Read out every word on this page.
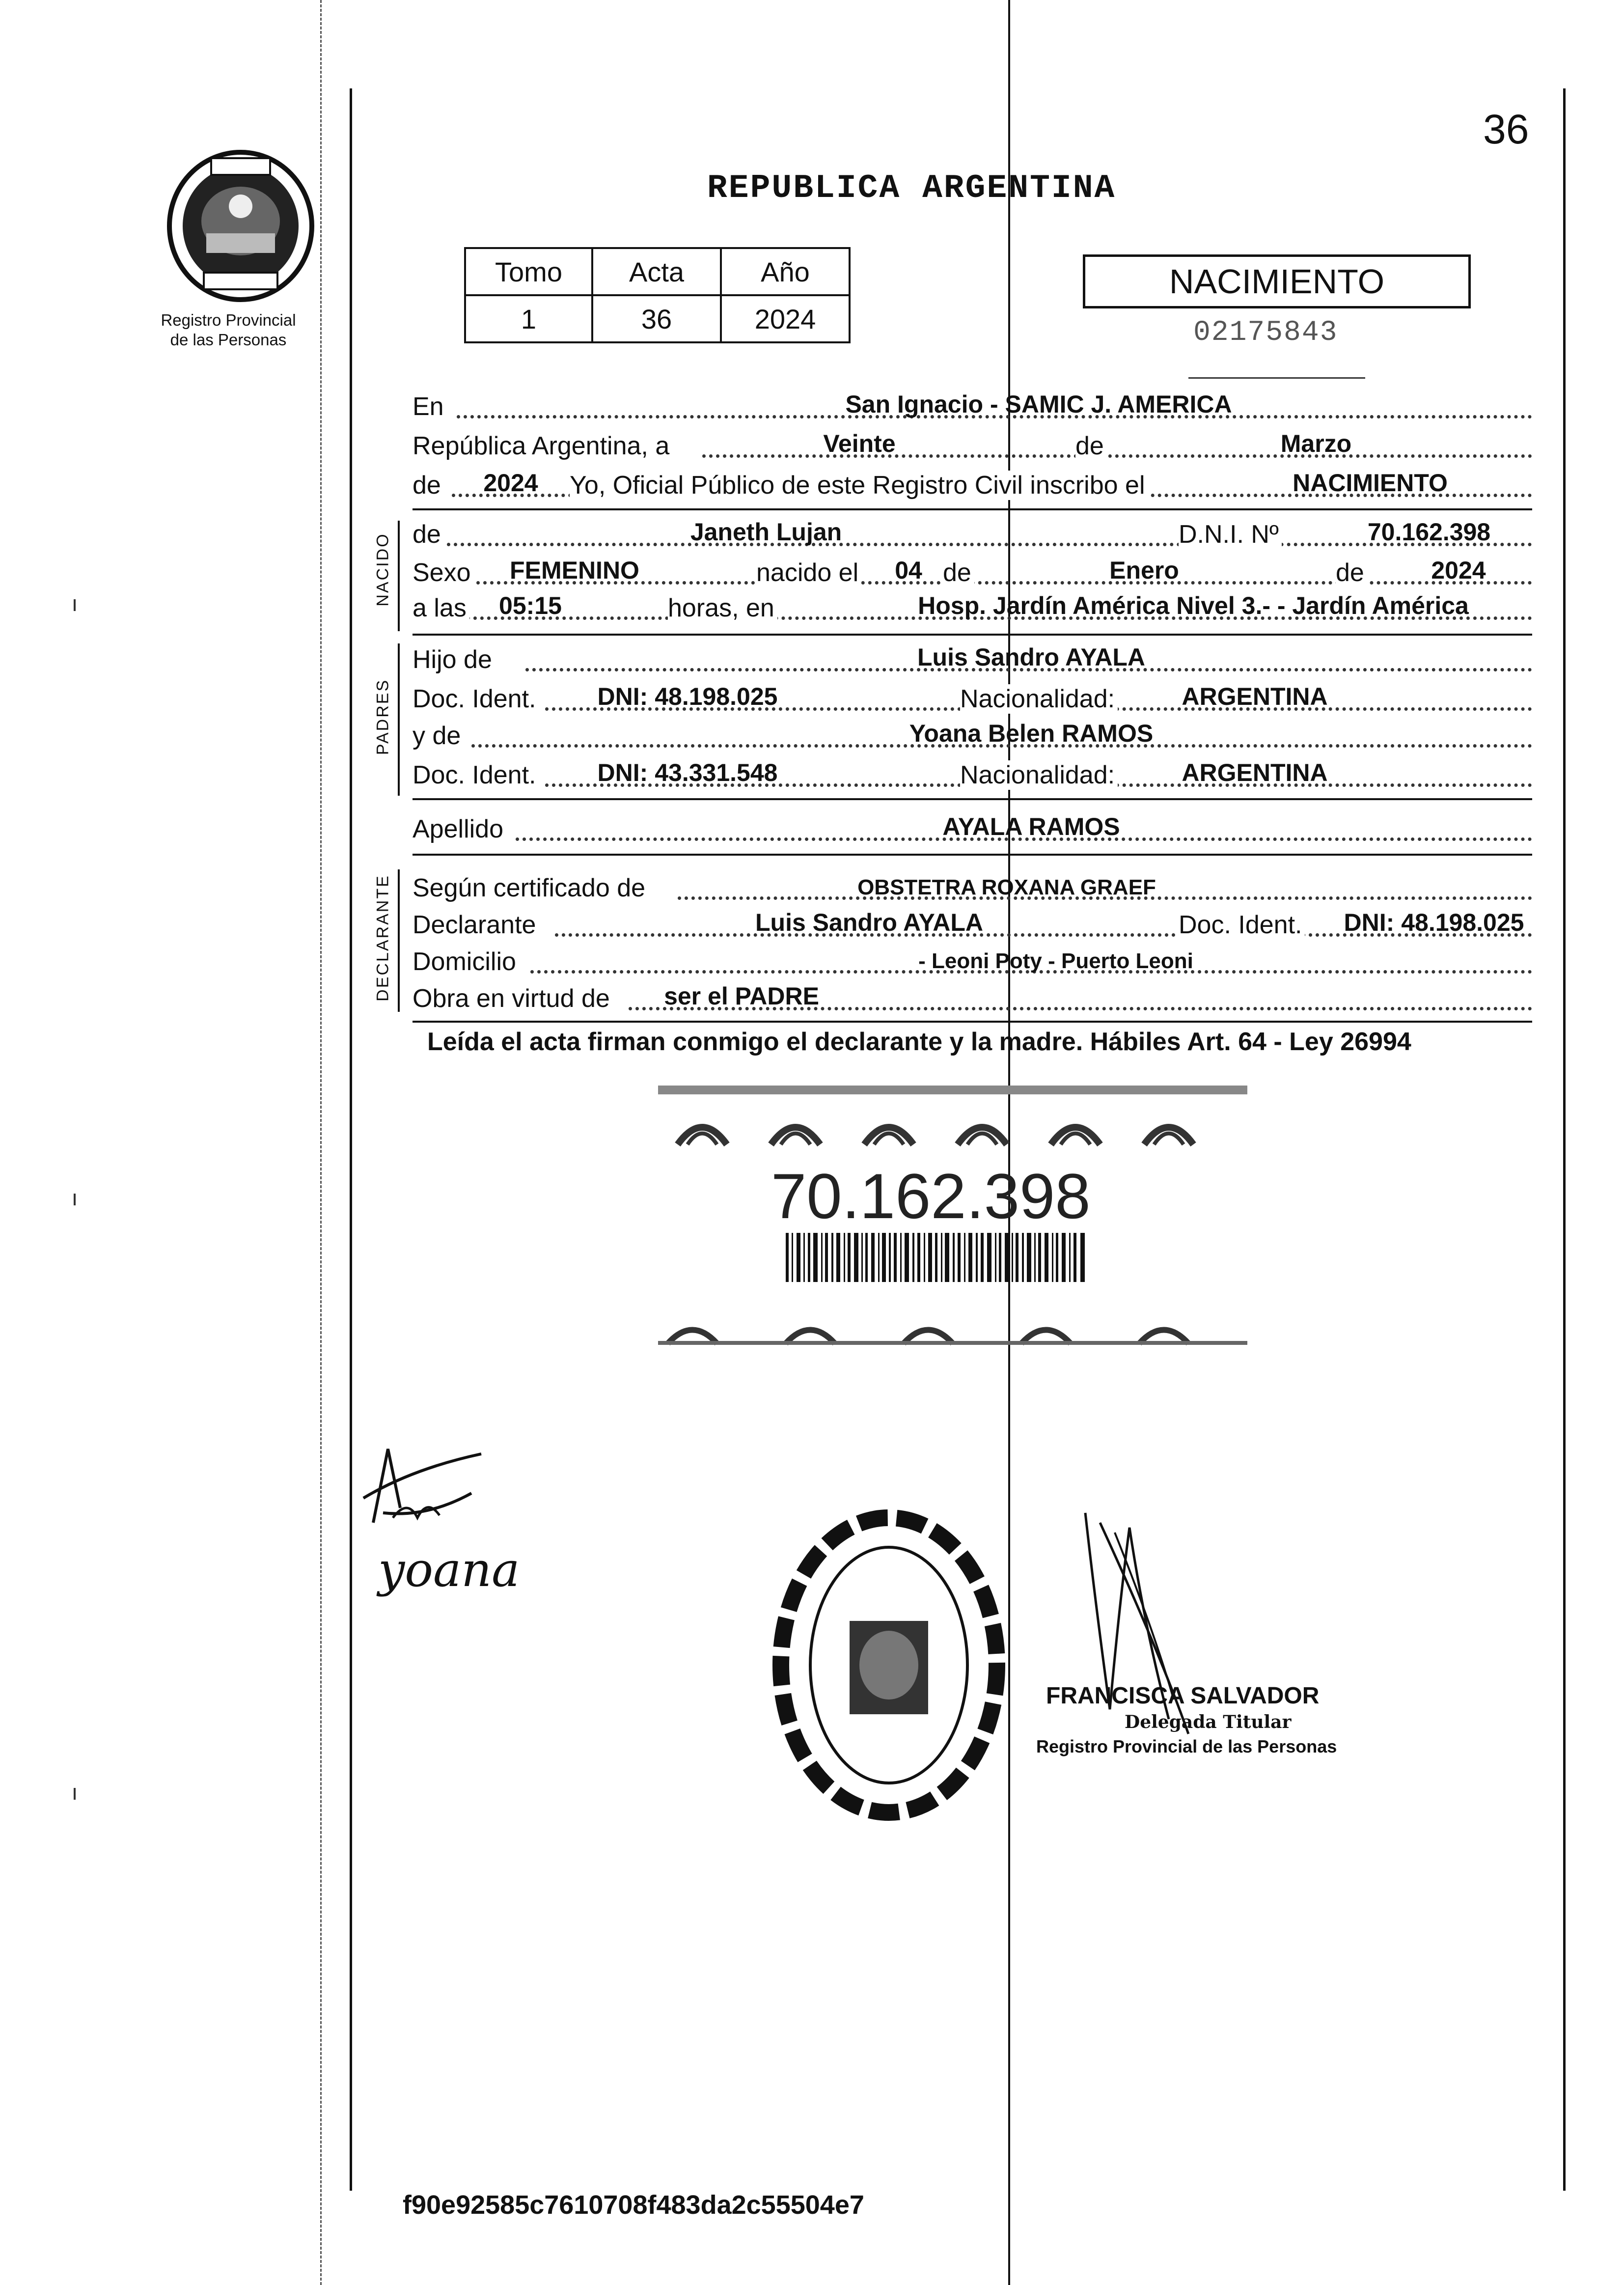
Registro Provincial
de las Personas
36
REPUBLICA ARGENTINA
Tomo	Acta	Año
1	36	2024
NACIMIENTO
02175843
En	San Ignacio - SAMIC J. AMERICA
República Argentina, a	Veinte	de	Marzo
de	2024	Yo, Oficial Público de este Registro Civil inscribo el	NACIMIENTO
NACIDO de	Janeth Lujan	D.N.I. Nº	70.162.398
Sexo	FEMENINO	nacido el	04 de	Enero	de	2024
a las	05:15	horas, en	Hosp. Jardín América Nivel 3.- - Jardín América
PADRES
Hijo de	Luis Sandro AYALA
Doc. Ident.	DNI: 48.198.025	Nacionalidad:	ARGENTINA
y de	Yoana Belen RAMOS
Doc. Ident.	DNI: 43.331.548	Nacionalidad:	ARGENTINA
Apellido	AYALA RAMOS
DECLARANTE Según certificado de	OBSTETRA ROXANA GRAEF
Declarante	Luis Sandro AYALA	Doc. Ident.	DNI: 48.198.025
Domicilio	- Leoni Poty - Puerto Leoni
Obra en virtud de	ser el PADRE
Leída el acta firman conmigo el declarante y la madre. Hábiles Art. 64 - Ley 26994
70.162.398
yoana
FRANCISCA SALVADOR
Delegada Titular
Registro Provincial de las Personas
f90e92585c7610708f483da2c55504e7
